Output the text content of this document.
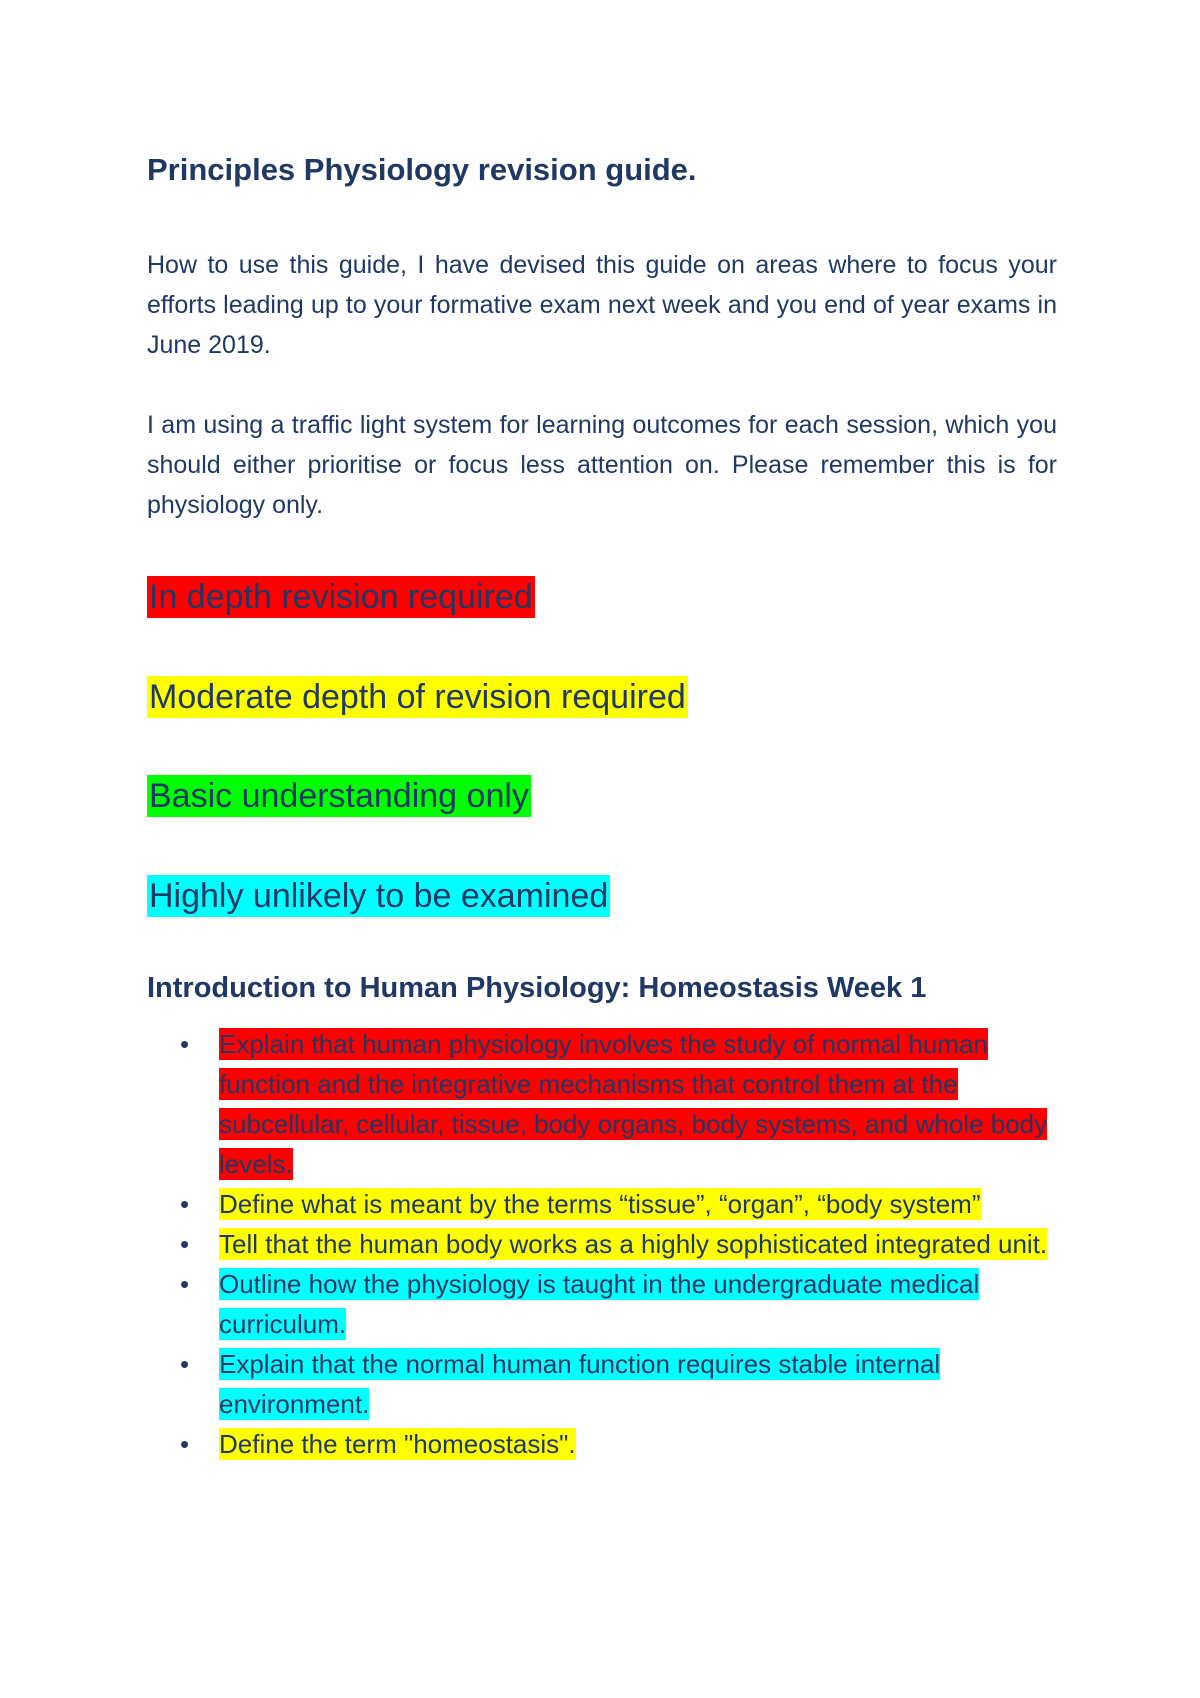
Principles Physiology revision guide.

How to use this guide, I have devised this guide on areas where to focus your efforts leading up to your formative exam next week and you end of year exams in June 2019.

I am using a traffic light system for learning outcomes for each session, which you should either prioritise or focus less attention on. Please remember this is for physiology only.

In depth revision required

Moderate depth of revision required

Basic understanding only

Highly unlikely to be examined

Introduction to Human Physiology: Homeostasis Week 1
• Explain that human physiology involves the study of normal human function and the integrative mechanisms that control them at the subcellular, cellular, tissue, body organs, body systems, and whole body levels.
• Define what is meant by the terms “tissue”, “organ”, “body system”
• Tell that the human body works as a highly sophisticated integrated unit.
• Outline how the physiology is taught in the undergraduate medical curriculum.
• Explain that the normal human function requires stable internal environment.
• Define the term "homeostasis".
